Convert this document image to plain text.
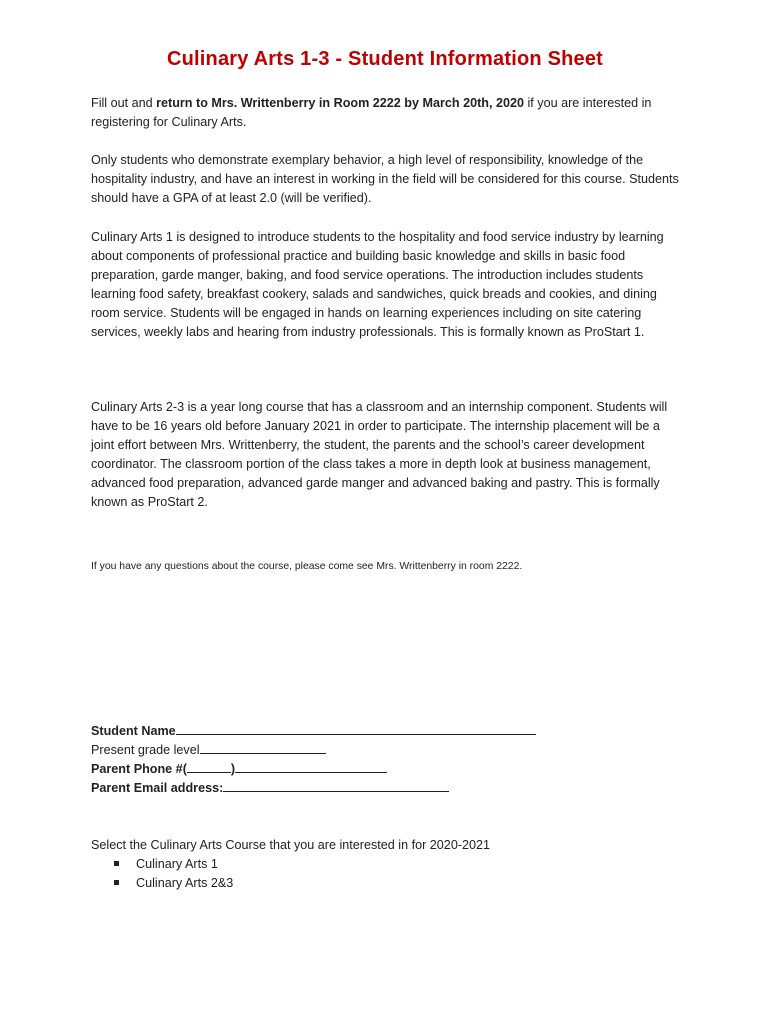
Culinary Arts 1-3 - Student Information Sheet
Fill out and return to Mrs. Writtenberry in Room 2222 by March 20th, 2020 if you are interested in registering for Culinary Arts.
Only students who demonstrate exemplary behavior, a high level of responsibility, knowledge of the hospitality industry, and have an interest in working in the field will be considered for this course. Students should have a GPA of at least 2.0 (will be verified).
Culinary Arts 1 is designed to introduce students to the hospitality and food service industry by learning about components of professional practice and building basic knowledge and skills in basic food preparation, garde manger, baking, and food service operations. The introduction includes students learning food safety, breakfast cookery, salads and sandwiches, quick breads and cookies, and dining room service. Students will be engaged in hands on learning experiences including on site catering services, weekly labs and hearing from industry professionals. This is formally known as ProStart 1.
Culinary Arts 2-3 is a year long course that has a classroom and an internship component. Students will have to be 16 years old before January 2021 in order to participate. The internship placement will be a joint effort between Mrs. Writtenberry, the student, the parents and the school’s career development coordinator. The classroom portion of the class takes a more in depth look at business management, advanced food preparation, advanced garde manger and advanced baking and pastry. This is formally known as ProStart 2.
If you have any questions about the course, please come see Mrs. Writtenberry in room 2222.
Student Name
Present grade level
Parent Phone #(	)
Parent Email address:
Select the Culinary Arts Course that you are interested in for 2020-2021
Culinary Arts 1
Culinary Arts 2&3
